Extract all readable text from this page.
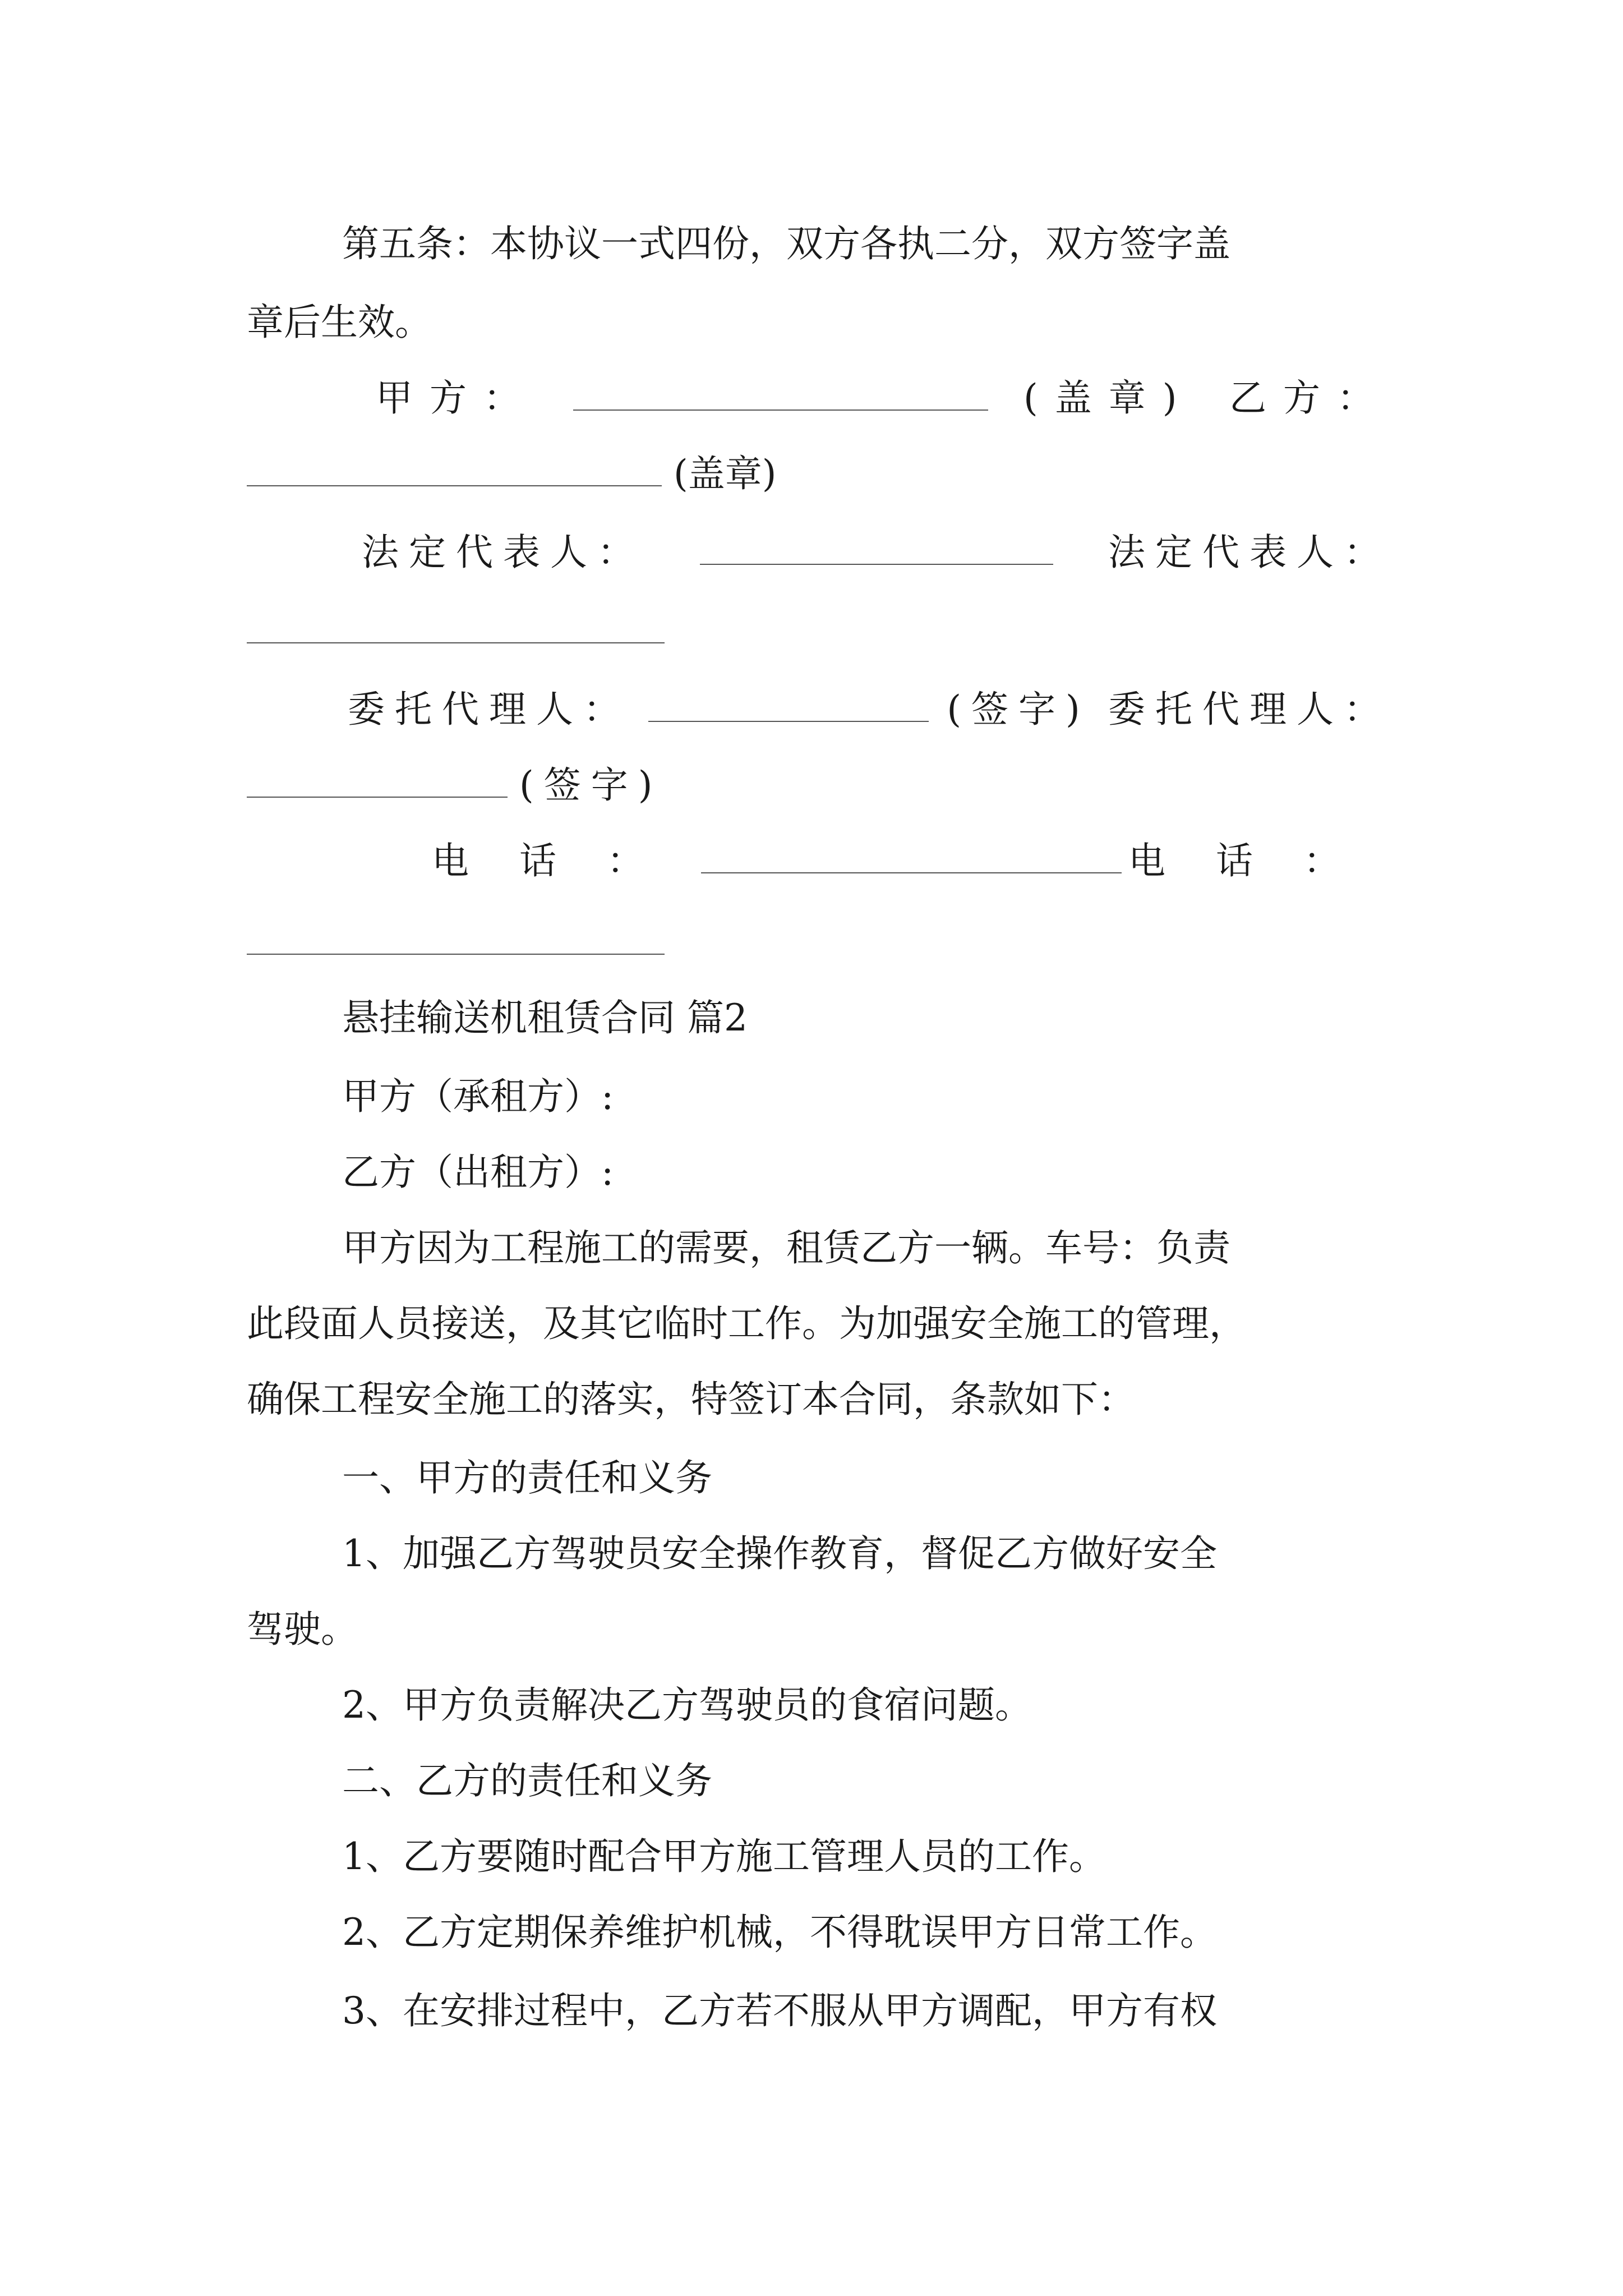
第五条：本协议一式四份，双方各执二分，双方签字盖
章后生效。
甲方：	(盖章) 乙方：
(盖章)
法定代表人：	法定代表人：
委托代理人：	(签字) 委托代理人：
(签字)
电话：	电话：
悬挂输送机租赁合同 篇2
甲方（承租方）:
乙方（出租方）:
甲方因为工程施工的需要，租赁乙方一辆。车号：负责
此段面人员接送，及其它临时工作。为加强安全施工的管理，
确保工程安全施工的落实，特签订本合同，条款如下：
一、甲方的责任和义务
1、加强乙方驾驶员安全操作教育，督促乙方做好安全
驾驶。
2、甲方负责解决乙方驾驶员的食宿问题。
二、乙方的责任和义务
1、乙方要随时配合甲方施工管理人员的工作。
2、乙方定期保养维护机械，不得耽误甲方日常工作。
3、在安排过程中，乙方若不服从甲方调配，甲方有权
